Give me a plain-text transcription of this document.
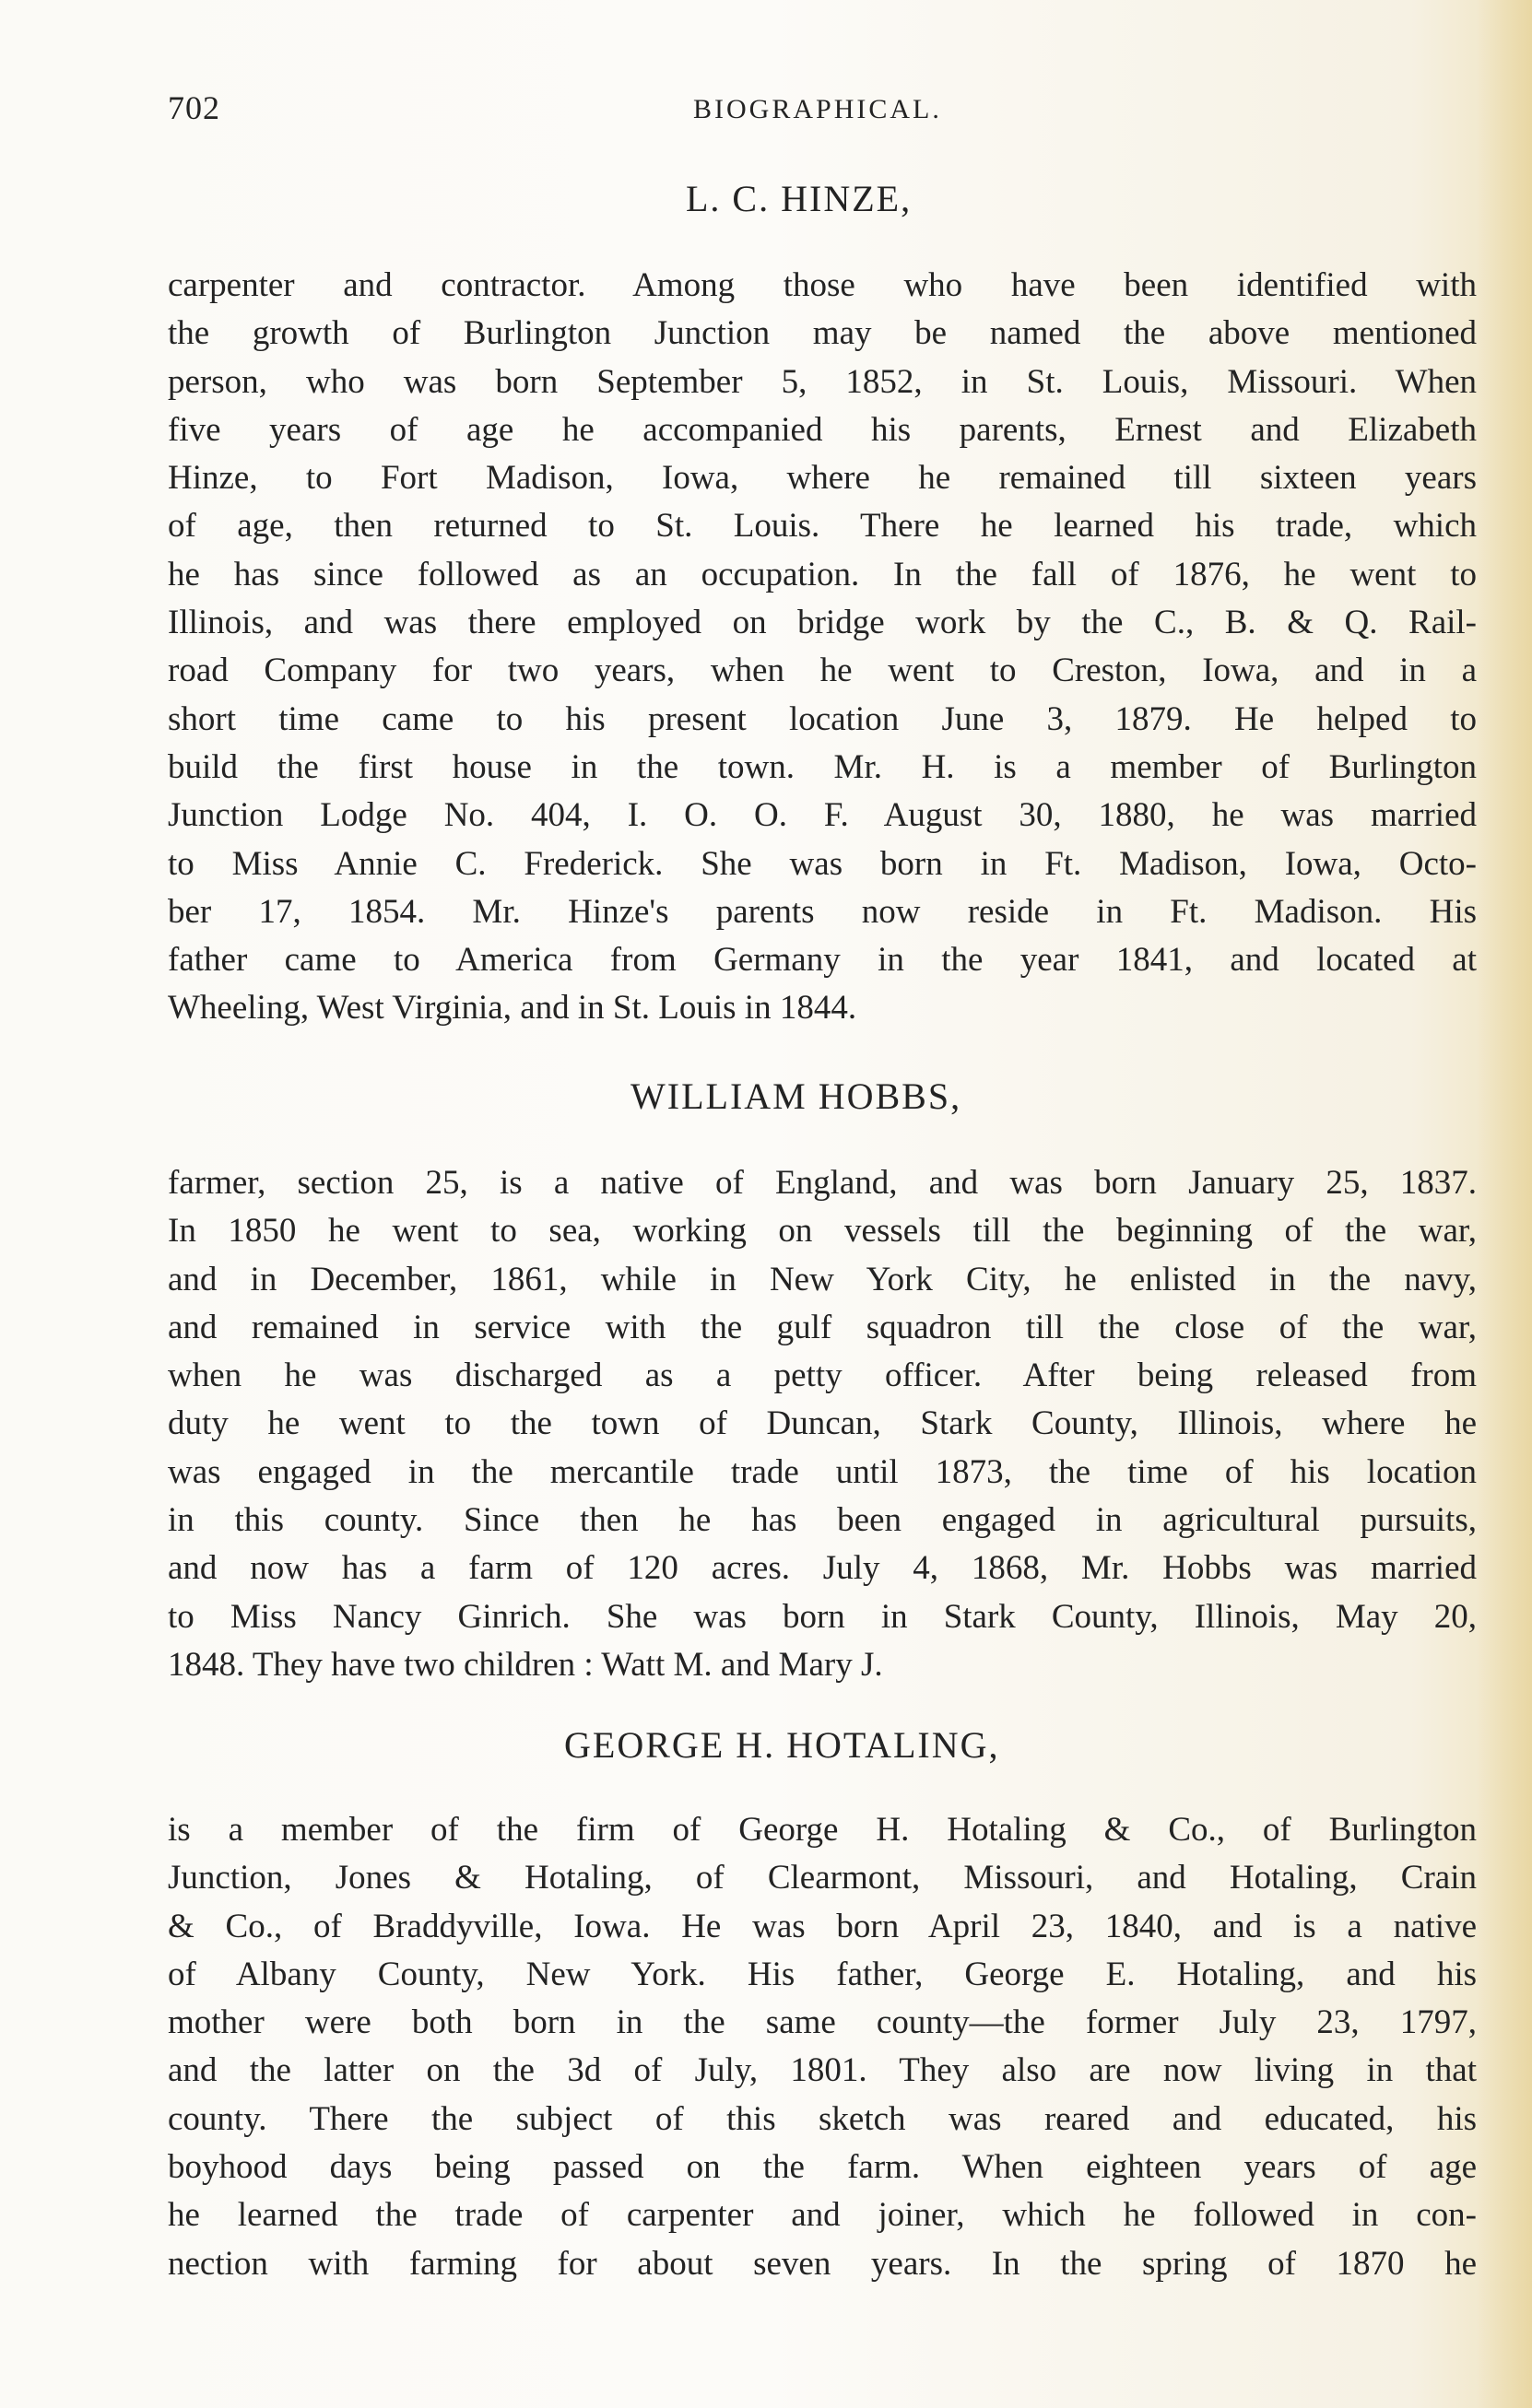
702	BIOGRAPHICAL.
L. C. HINZE,
carpenter and contractor. Among those who have been identified with
the growth of Burlington Junction may be named the above mentioned
person, who was born September 5, 1852, in St. Louis, Missouri. When
five years of age he accompanied his parents, Ernest and Elizabeth
Hinze, to Fort Madison, Iowa, where he remained till sixteen years
of age, then returned to St. Louis. There he learned his trade, which
he has since followed as an occupation. In the fall of 1876, he went to
Illinois, and was there employed on bridge work by the C., B. & Q. Rail-
road Company for two years, when he went to Creston, Iowa, and in a
short time came to his present location June 3, 1879. He helped to
build the first house in the town. Mr. H. is a member of Burlington
Junction Lodge No. 404, I. O. O. F. August 30, 1880, he was married
to Miss Annie C. Frederick. She was born in Ft. Madison, Iowa, Octo-
ber 17, 1854. Mr. Hinze's parents now reside in Ft. Madison. His
father came to America from Germany in the year 1841, and located at
Wheeling, West Virginia, and in St. Louis in 1844.
WILLIAM HOBBS,
farmer, section 25, is a native of England, and was born January 25, 1837.
In 1850 he went to sea, working on vessels till the beginning of the war,
and in December, 1861, while in New York City, he enlisted in the navy,
and remained in service with the gulf squadron till the close of the war,
when he was discharged as a petty officer. After being released from
duty he went to the town of Duncan, Stark County, Illinois, where he
was engaged in the mercantile trade until 1873, the time of his location
in this county. Since then he has been engaged in agricultural pursuits,
and now has a farm of 120 acres. July 4, 1868, Mr. Hobbs was married
to Miss Nancy Ginrich. She was born in Stark County, Illinois, May 20,
1848. They have two children : Watt M. and Mary J.
GEORGE H. HOTALING,
is a member of the firm of George H. Hotaling & Co., of Burlington
Junction, Jones & Hotaling, of Clearmont, Missouri, and Hotaling, Crain
& Co., of Braddyville, Iowa. He was born April 23, 1840, and is a native
of Albany County, New York. His father, George E. Hotaling, and his
mother were both born in the same county—the former July 23, 1797,
and the latter on the 3d of July, 1801. They also are now living in that
county. There the subject of this sketch was reared and educated, his
boyhood days being passed on the farm. When eighteen years of age
he learned the trade of carpenter and joiner, which he followed in con-
nection with farming for about seven years. In the spring of 1870 he
